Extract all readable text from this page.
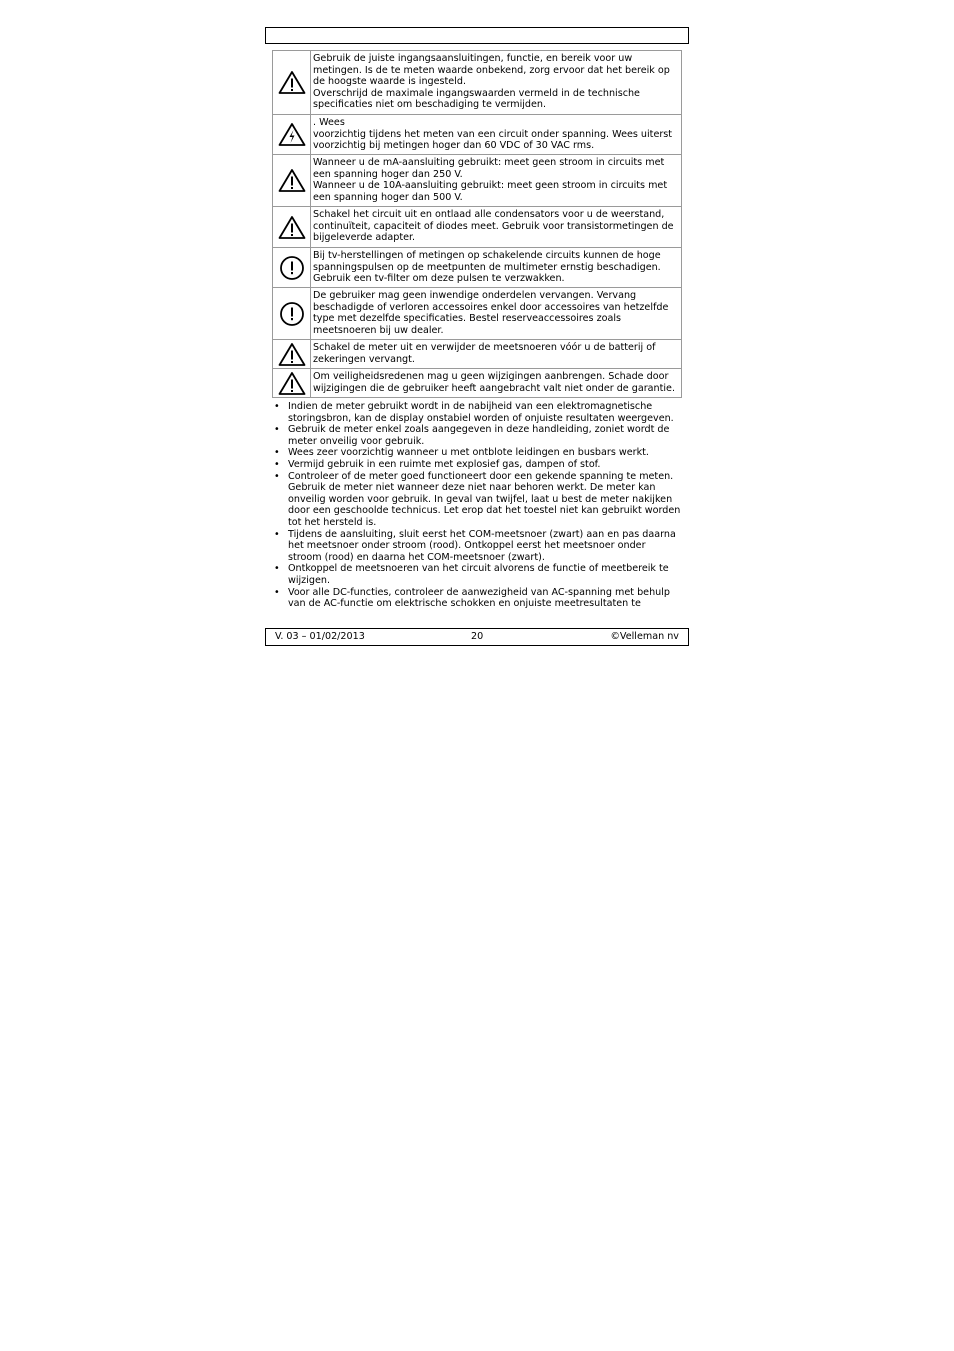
	Gebruik de juiste ingangsaansluitingen, functie, en bereik voor uw
metingen. Is de te meten waarde onbekend, zorg ervoor dat het bereik op
de hoogste waarde is ingesteld.
Overschrijd de maximale ingangswaarden vermeld in de technische
specificaties niet om beschadiging te vermijden.

	. Wees
voorzichtig tijdens het meten van een circuit onder spanning. Wees uiterst
voorzichtig bij metingen hoger dan 60 VDC of 30 VAC rms.

	Wanneer u de mA-aansluiting gebruikt: meet geen stroom in circuits met
een spanning hoger dan 250 V.
Wanneer u de 10A-aansluiting gebruikt: meet geen stroom in circuits met
een spanning hoger dan 500 V.

	Schakel het circuit uit en ontlaad alle condensators voor u de weerstand,
continuïteit, capaciteit of diodes meet. Gebruik voor transistormetingen de
bijgeleverde adapter.

	Bij tv-herstellingen of metingen op schakelende circuits kunnen de hoge
spanningspulsen op de meetpunten de multimeter ernstig beschadigen.
Gebruik een tv-filter om deze pulsen te verzwakken.

	De gebruiker mag geen inwendige onderdelen vervangen. Vervang
beschadigde of verloren accessoires enkel door accessoires van hetzelfde
type met dezelfde specificaties. Bestel reserveaccessoires zoals
meetsnoeren bij uw dealer.

	Schakel de meter uit en verwijder de meetsnoeren vóór u de batterij of
zekeringen vervangt.

	Om veiligheidsredenen mag u geen wijzigingen aanbrengen. Schade door
wijzigingen die de gebruiker heeft aangebracht valt niet onder de garantie.
• Indien de meter gebruikt wordt in de nabijheid van een elektromagnetische storingsbron, kan de display onstabiel worden of onjuiste resultaten weergeven.
• Gebruik de meter enkel zoals aangegeven in deze handleiding, zoniet wordt de meter onveilig voor gebruik.
• Wees zeer voorzichtig wanneer u met ontblote leidingen en busbars werkt.
• Vermijd gebruik in een ruimte met explosief gas, dampen of stof.
• Controleer of de meter goed functioneert door een gekende spanning te meten. Gebruik de meter niet wanneer deze niet naar behoren werkt. De meter kan onveilig worden voor gebruik. In geval van twijfel, laat u best de meter nakijken door een geschoolde technicus. Let erop dat het toestel niet kan gebruikt worden tot het hersteld is.
• Tijdens de aansluiting, sluit eerst het COM-meetsnoer (zwart) aan en pas daarna het meetsnoer onder stroom (rood). Ontkoppel eerst het meetsnoer onder stroom (rood) en daarna het COM-meetsnoer (zwart).
• Ontkoppel de meetsnoeren van het circuit alvorens de functie of meetbereik te wijzigen.
• Voor alle DC-functies, controleer de aanwezigheid van AC-spanning met behulp van de AC-functie om elektrische schokken en onjuiste meetresultaten te
V. 03 – 01/02/2013	20	©Velleman nv
